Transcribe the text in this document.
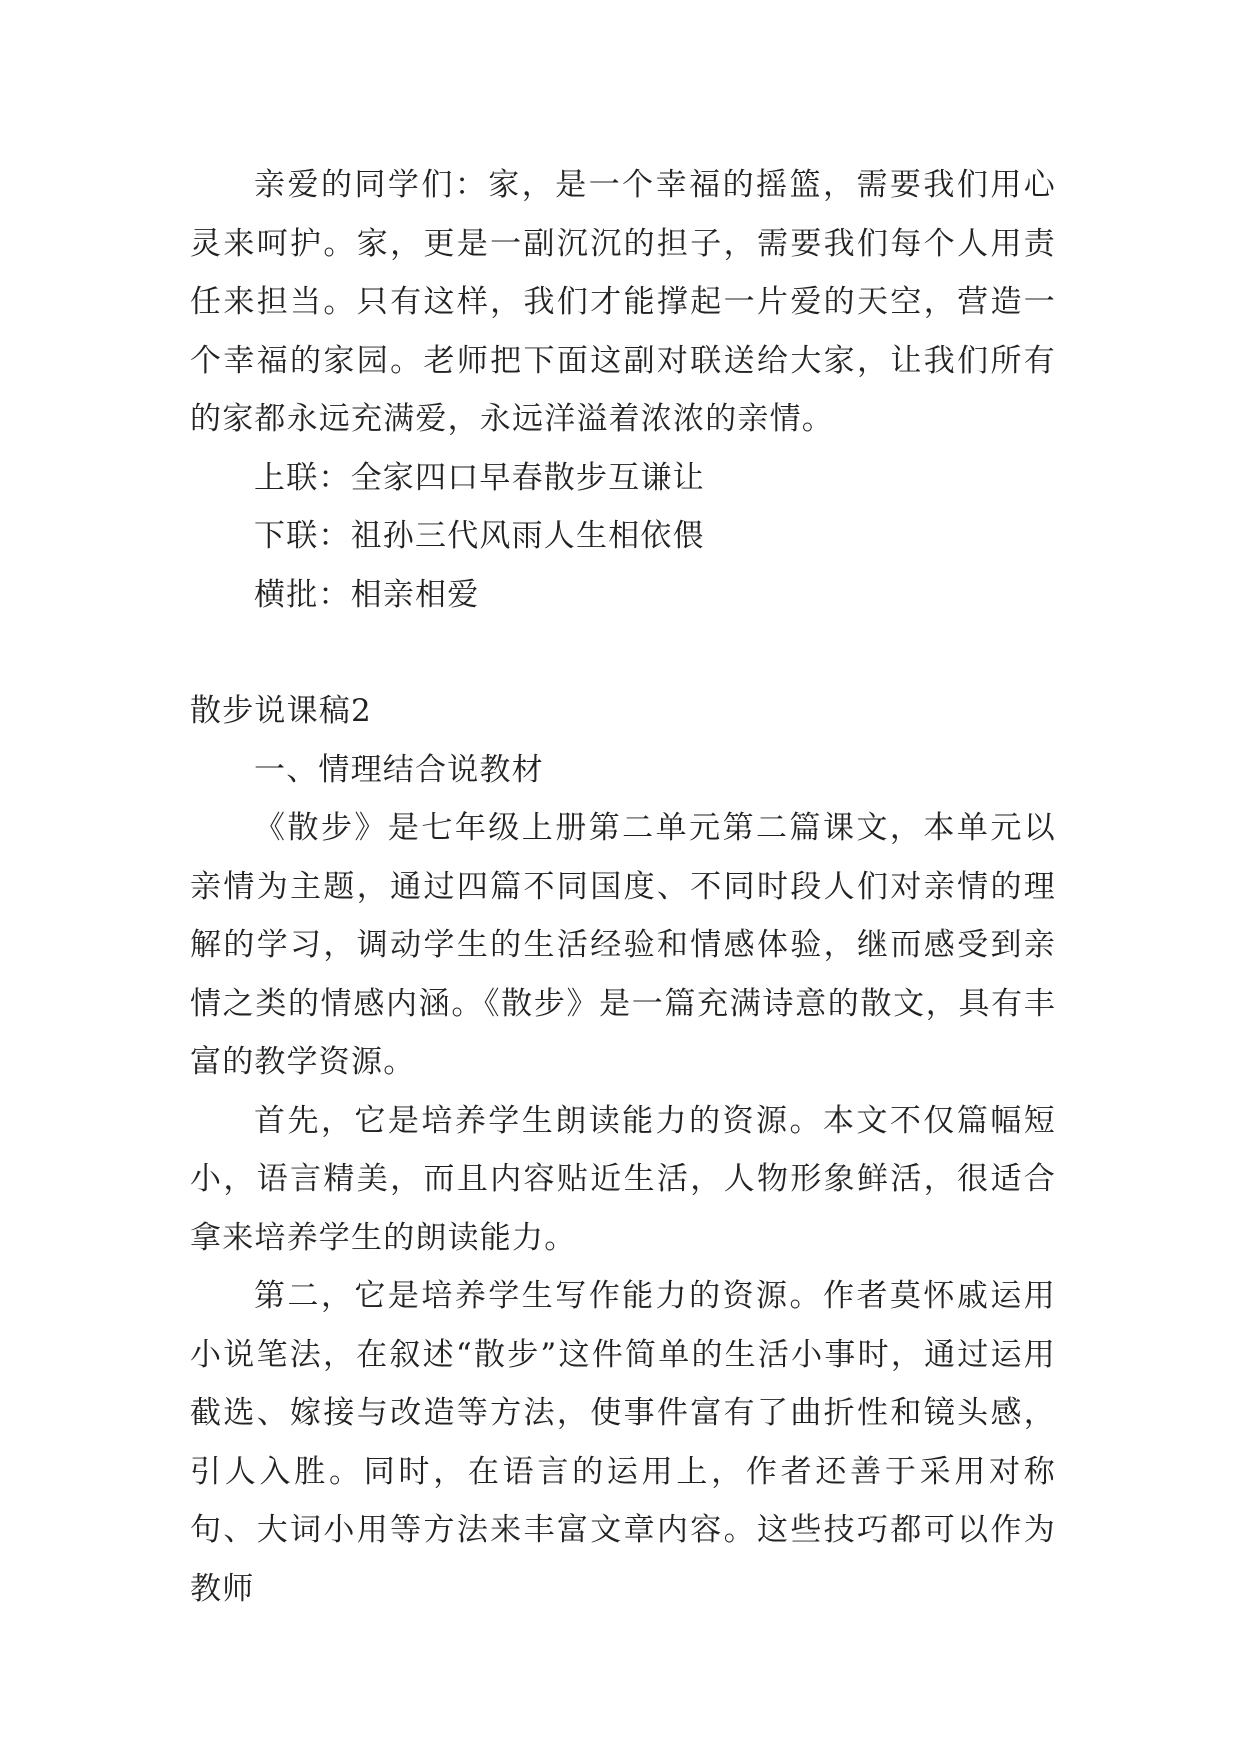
亲爱的同学们：家，是一个幸福的摇篮，需要我们用心灵来呵护。家，更是一副沉沉的担子，需要我们每个人用责任来担当。只有这样，我们才能撑起一片爱的天空，营造一个幸福的家园。老师把下面这副对联送给大家，让我们所有的家都永远充满爱，永远洋溢着浓浓的亲情。

上联：全家四口早春散步互谦让

下联：祖孙三代风雨人生相依偎

横批：相亲相爱

散步说课稿2

一、情理结合说教材

《散步》是七年级上册第二单元第二篇课文，本单元以亲情为主题，通过四篇不同国度、不同时段人们对亲情的理解的学习，调动学生的生活经验和情感体验，继而感受到亲情之类的情感内涵。《散步》是一篇充满诗意的散文，具有丰富的教学资源。

首先，它是培养学生朗读能力的资源。本文不仅篇幅短小，语言精美，而且内容贴近生活，人物形象鲜活，很适合拿来培养学生的朗读能力。

第二，它是培养学生写作能力的资源。作者莫怀戚运用小说笔法，在叙述“散步”这件简单的生活小事时，通过运用截选、嫁接与改造等方法，使事件富有了曲折性和镜头感，引人入胜。同时，在语言的运用上，作者还善于采用对称句、大词小用等方法来丰富文章内容。这些技巧都可以作为教师
